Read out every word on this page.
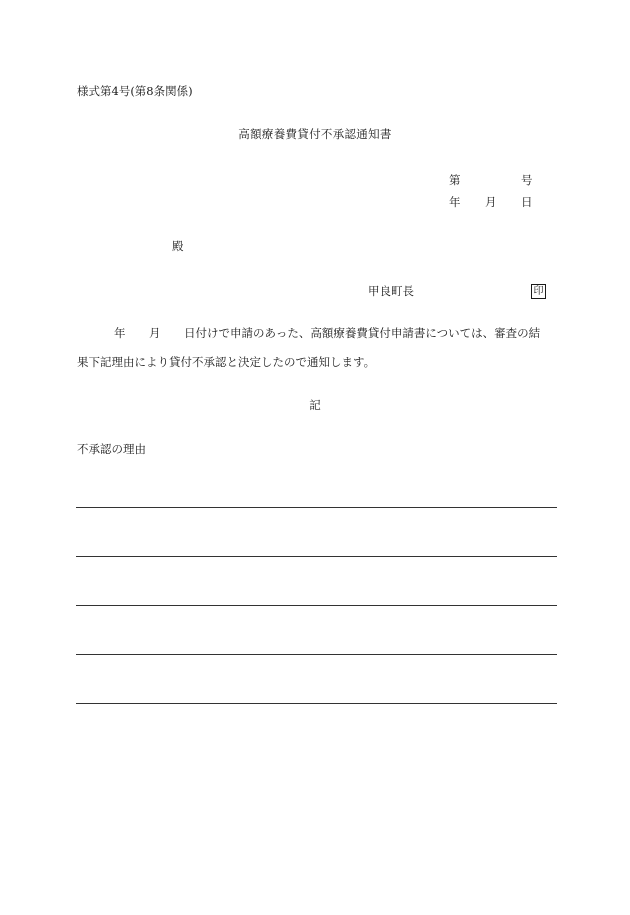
様式第4号(第8条関係)
高額療養費貸付不承認通知書
第	号
年 月 日
殿
甲良町長	印
年 月 日付けで申請のあった、高額療養費貸付申請書については、審査の結
果下記理由により貸付不承認と決定したので通知します。
記
不承認の理由
